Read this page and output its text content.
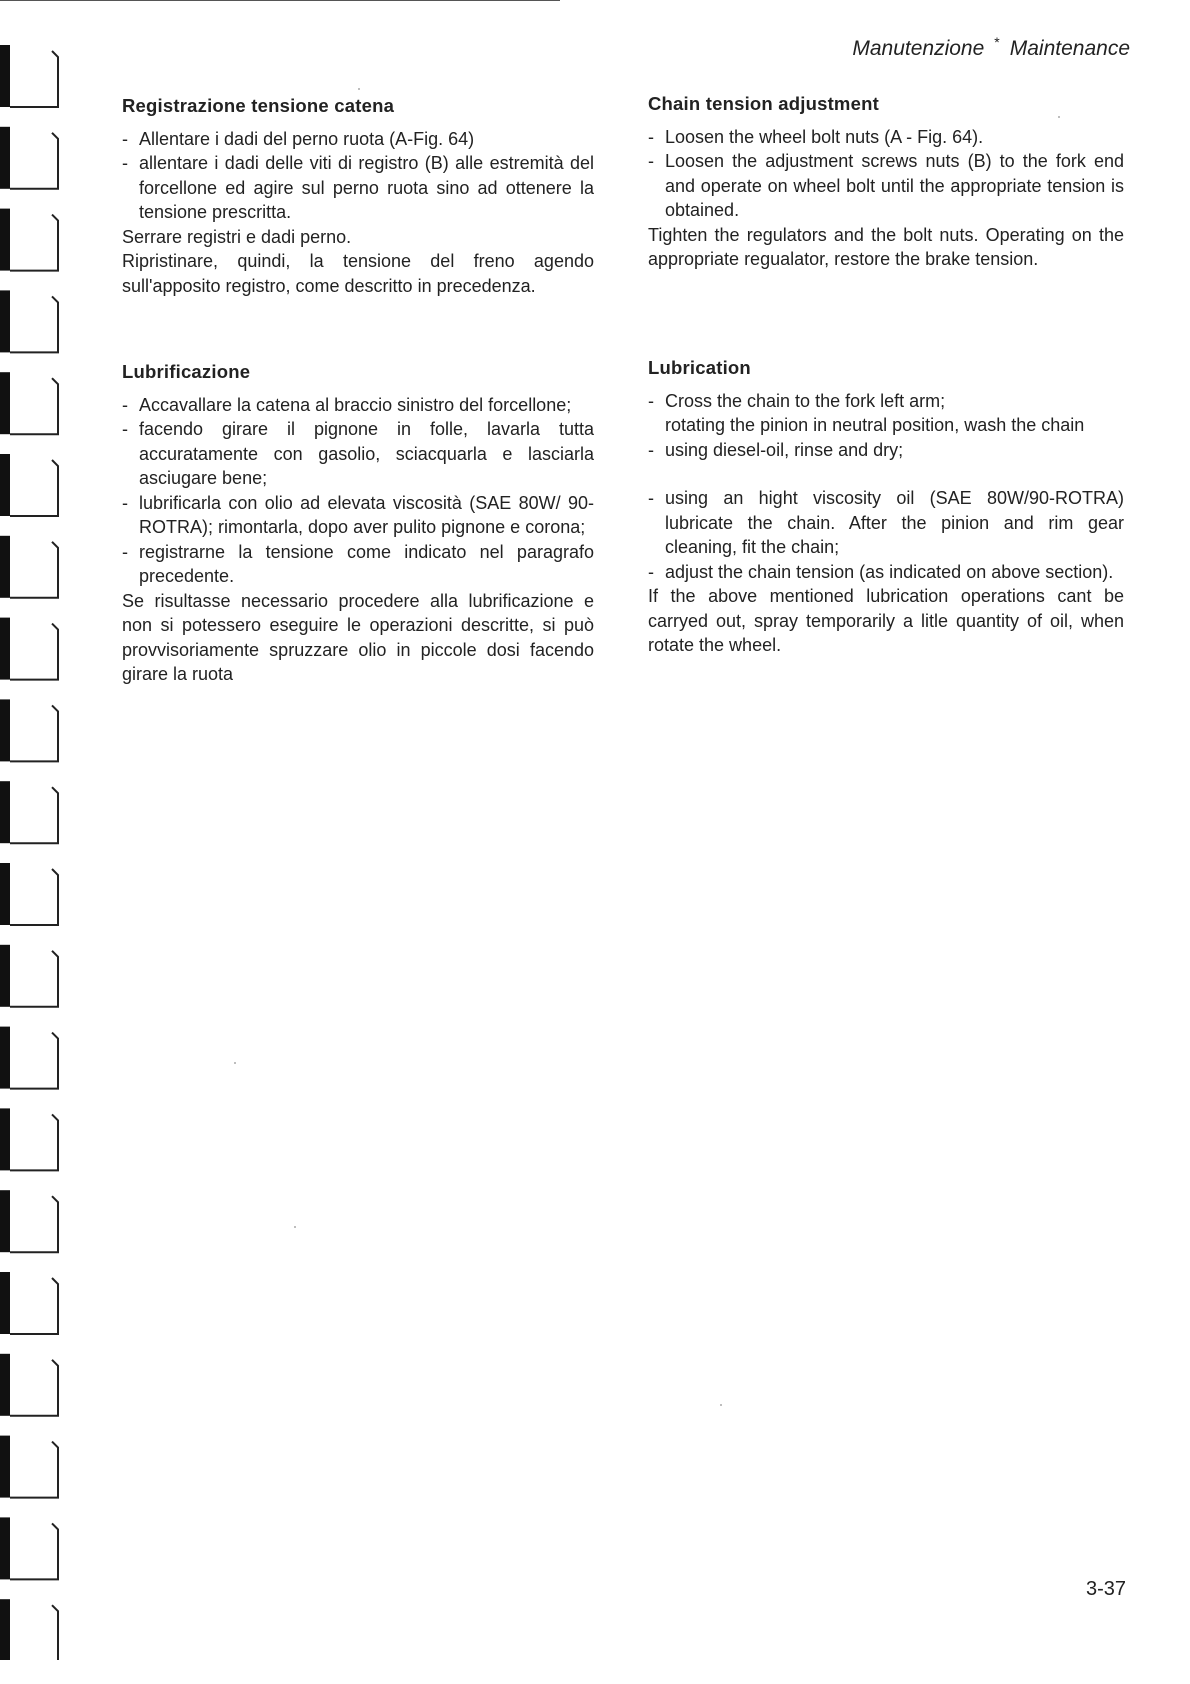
Manutenzione * Maintenance
Registrazione tensione catena
- Allentare i dadi del perno ruota (A-Fig. 64)
- allentare i dadi delle viti di registro (B) alle estremità del forcellone ed agire sul perno ruota sino ad ottenere la tensione prescritta.

Serrare registri e dadi perno.

Ripristinare, quindi, la tensione del freno agendo sull'apposito registro, come descritto in precedenza.

Chain tension adjustment
- Loosen the wheel bolt nuts (A - Fig. 64).
- Loosen the adjustment screws nuts (B) to the fork end and operate on wheel bolt until the appropriate tension is obtained.

Tighten the regulators and the bolt nuts. Operating on the appropriate regualator, restore the brake tension.

Lubrificazione
- Accavallare la catena al braccio sinistro del forcellone;
- facendo girare il pignone in folle, lavarla tutta accuratamente con gasolio, sciacquarla e lasciarla asciugare bene;
- lubrificarla con olio ad elevata viscosità (SAE 80W/ 90-ROTRA); rimontarla, dopo aver pulito pignone e corona;
- registrarne la tensione come indicato nel paragrafo precedente.

Se risultasse necessario procedere alla lubrificazione e non si potessero eseguire le operazioni descritte, si può provvisoriamente spruzzare olio in piccole dosi facendo girare la ruota

Lubrication
- Cross the chain to the fork left arm;
rotating the pinion in neutral position, wash the chain
- using diesel-oil, rinse and dry;
- using an hight viscosity oil (SAE 80W/90-ROTRA) lubricate the chain. After the pinion and rim gear cleaning, fit the chain;
- adjust the chain tension (as indicated on above section).

If the above mentioned lubrication operations cant be carryed out, spray temporarily a litle quantity of oil, when rotate the wheel.

3-37
